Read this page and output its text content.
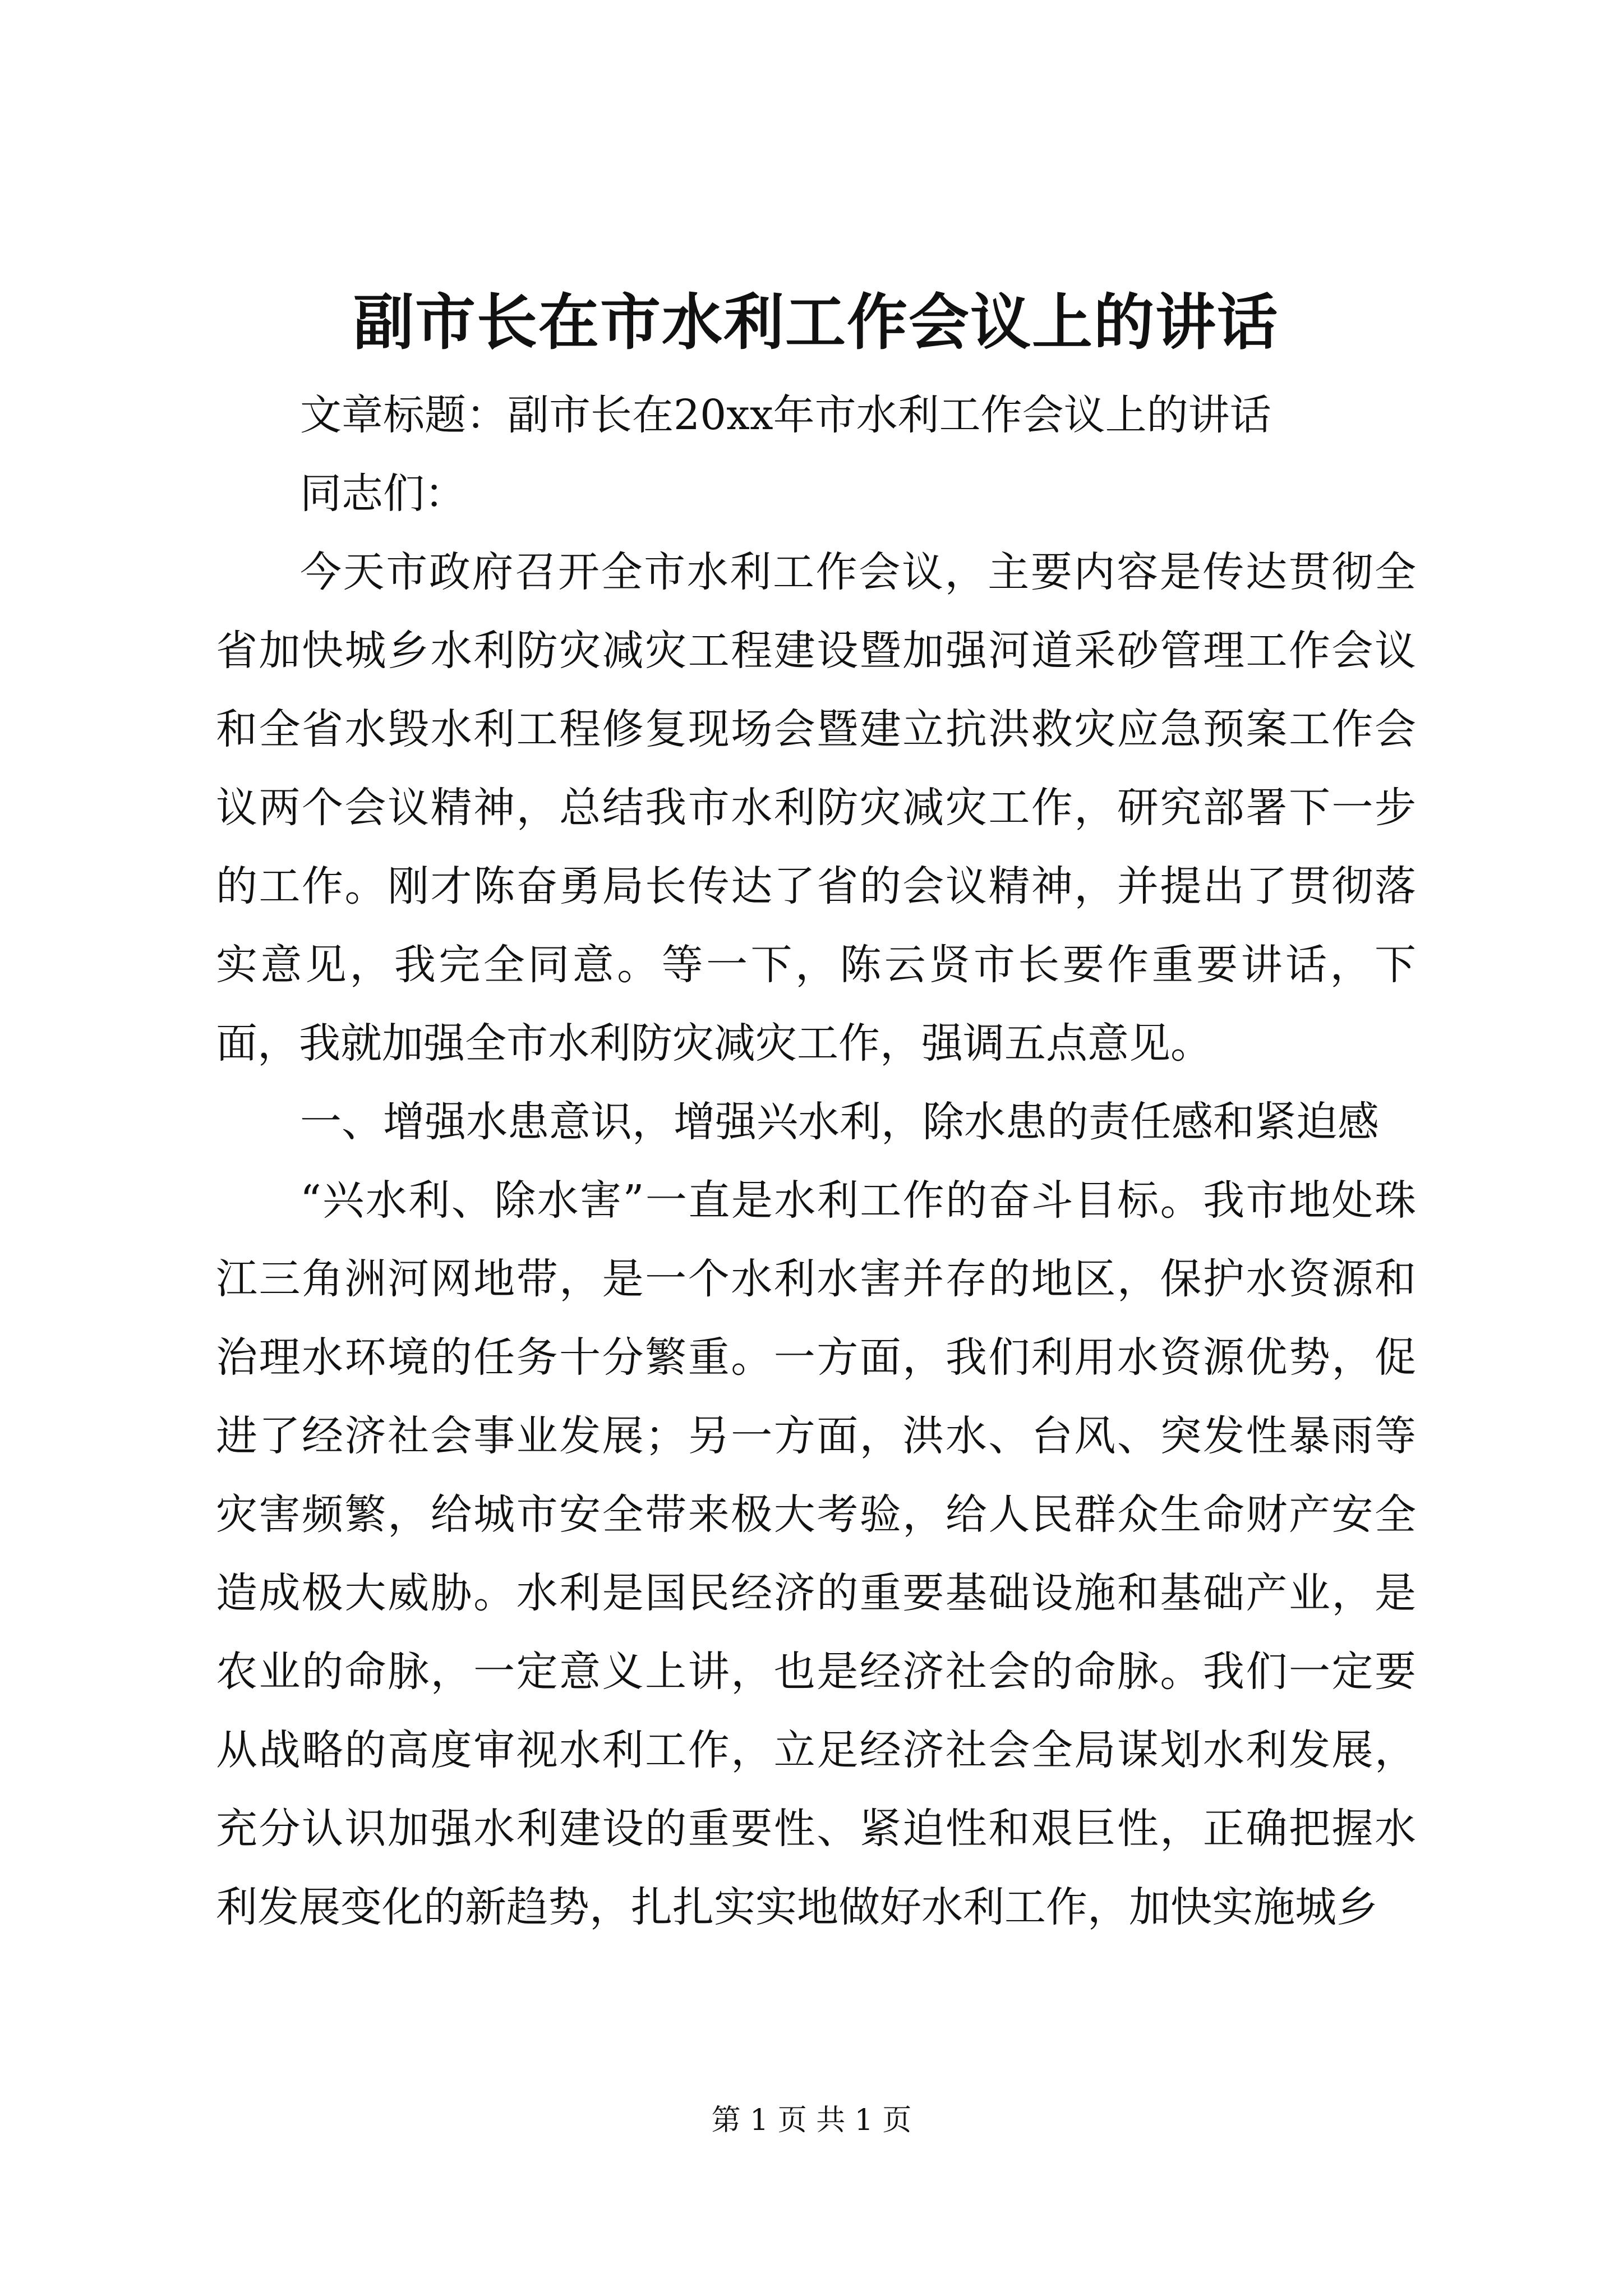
副市长在市水利工作会议上的讲话

文章标题：副市长在20xx年市水利工作会议上的讲话

同志们：

今天市政府召开全市水利工作会议，主要内容是传达贯彻全省加快城乡水利防灾减灾工程建设暨加强河道采砂管理工作会议和全省水毁水利工程修复现场会暨建立抗洪救灾应急预案工作会议两个会议精神，总结我市水利防灾减灾工作，研究部署下一步的工作。刚才陈奋勇局长传达了省的会议精神，并提出了贯彻落实意见，我完全同意。等一下，陈云贤市长要作重要讲话，下面，我就加强全市水利防灾减灾工作，强调五点意见。

一、增强水患意识，增强兴水利，除水患的责任感和紧迫感

“兴水利、除水害”一直是水利工作的奋斗目标。我市地处珠江三角洲河网地带，是一个水利水害并存的地区，保护水资源和治理水环境的任务十分繁重。一方面，我们利用水资源优势，促进了经济社会事业发展；另一方面，洪水、台风、突发性暴雨等灾害频繁，给城市安全带来极大考验，给人民群众生命财产安全造成极大威胁。水利是国民经济的重要基础设施和基础产业，是农业的命脉，一定意义上讲，也是经济社会的命脉。我们一定要从战略的高度审视水利工作，立足经济社会全局谋划水利发展，充分认识加强水利建设的重要性、紧迫性和艰巨性，正确把握水利发展变化的新趋势，扎扎实实地做好水利工作，加快实施城乡

第 1 页 共 1 页
